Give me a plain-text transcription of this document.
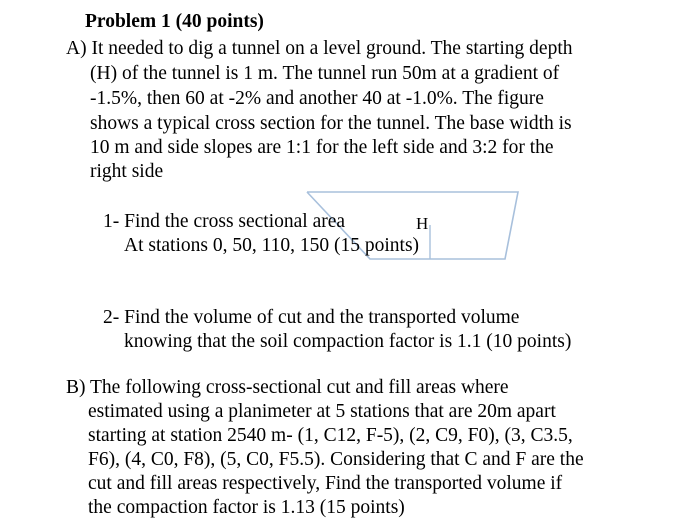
Problem 1 (40 points)
A) It needed to dig a tunnel on a level ground. The starting depth
(H) of the tunnel is 1 m. The tunnel run 50m at a gradient of
-1.5%, then 60 at -2% and another 40 at -1.0%. The figure
shows a typical cross section for the tunnel. The base width is
10 m and side slopes are 1:1 for the left side and 3:2 for the
right side
H
1- Find the cross sectional area
At stations 0, 50, 110, 150 (15 points)
2- Find the volume of cut and the transported volume
knowing that the soil compaction factor is 1.1 (10 points)
B) The following cross-sectional cut and fill areas where
estimated using a planimeter at 5 stations that are 20m apart
starting at station 2540 m- (1, C12, F-5), (2, C9, F0), (3, C3.5,
F6), (4, C0, F8), (5, C0, F5.5). Considering that C and F are the
cut and fill areas respectively, Find the transported volume if
the compaction factor is 1.13 (15 points)
